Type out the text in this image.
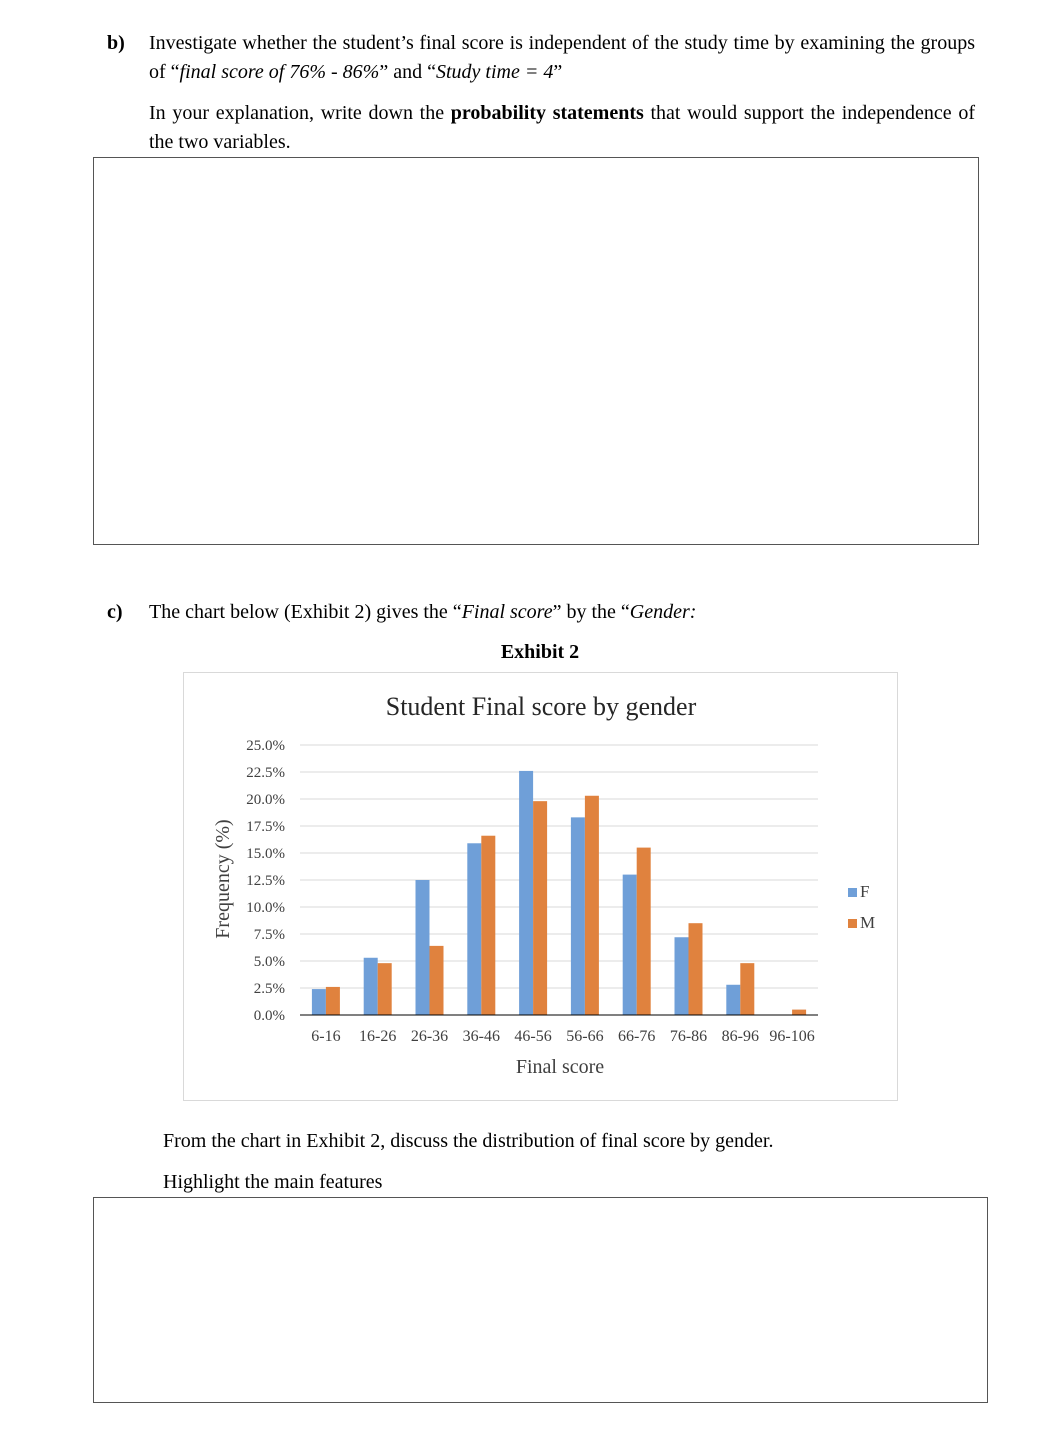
b) Investigate whether the student’s final score is independent of the study time by examining the groups of “final score of 76% - 86%” and “Study time = 4”
In your explanation, write down the probability statements that would support the independence of the two variables.
c) The chart below (Exhibit 2) gives the “Final score” by the “Gender:
Exhibit 2
Student Final score by gender
0.0%
2.5%
5.0%
7.5%
10.0%
12.5%
15.0%
17.5%
20.0%
22.5%
25.0%
6-16 16-26 26-36 36-46 46-56 56-66 66-76 76-86 86-96 96-106
Final score
Frequency (%)	F
M
From the chart in Exhibit 2, discuss the distribution of final score by gender.
Highlight the main features
